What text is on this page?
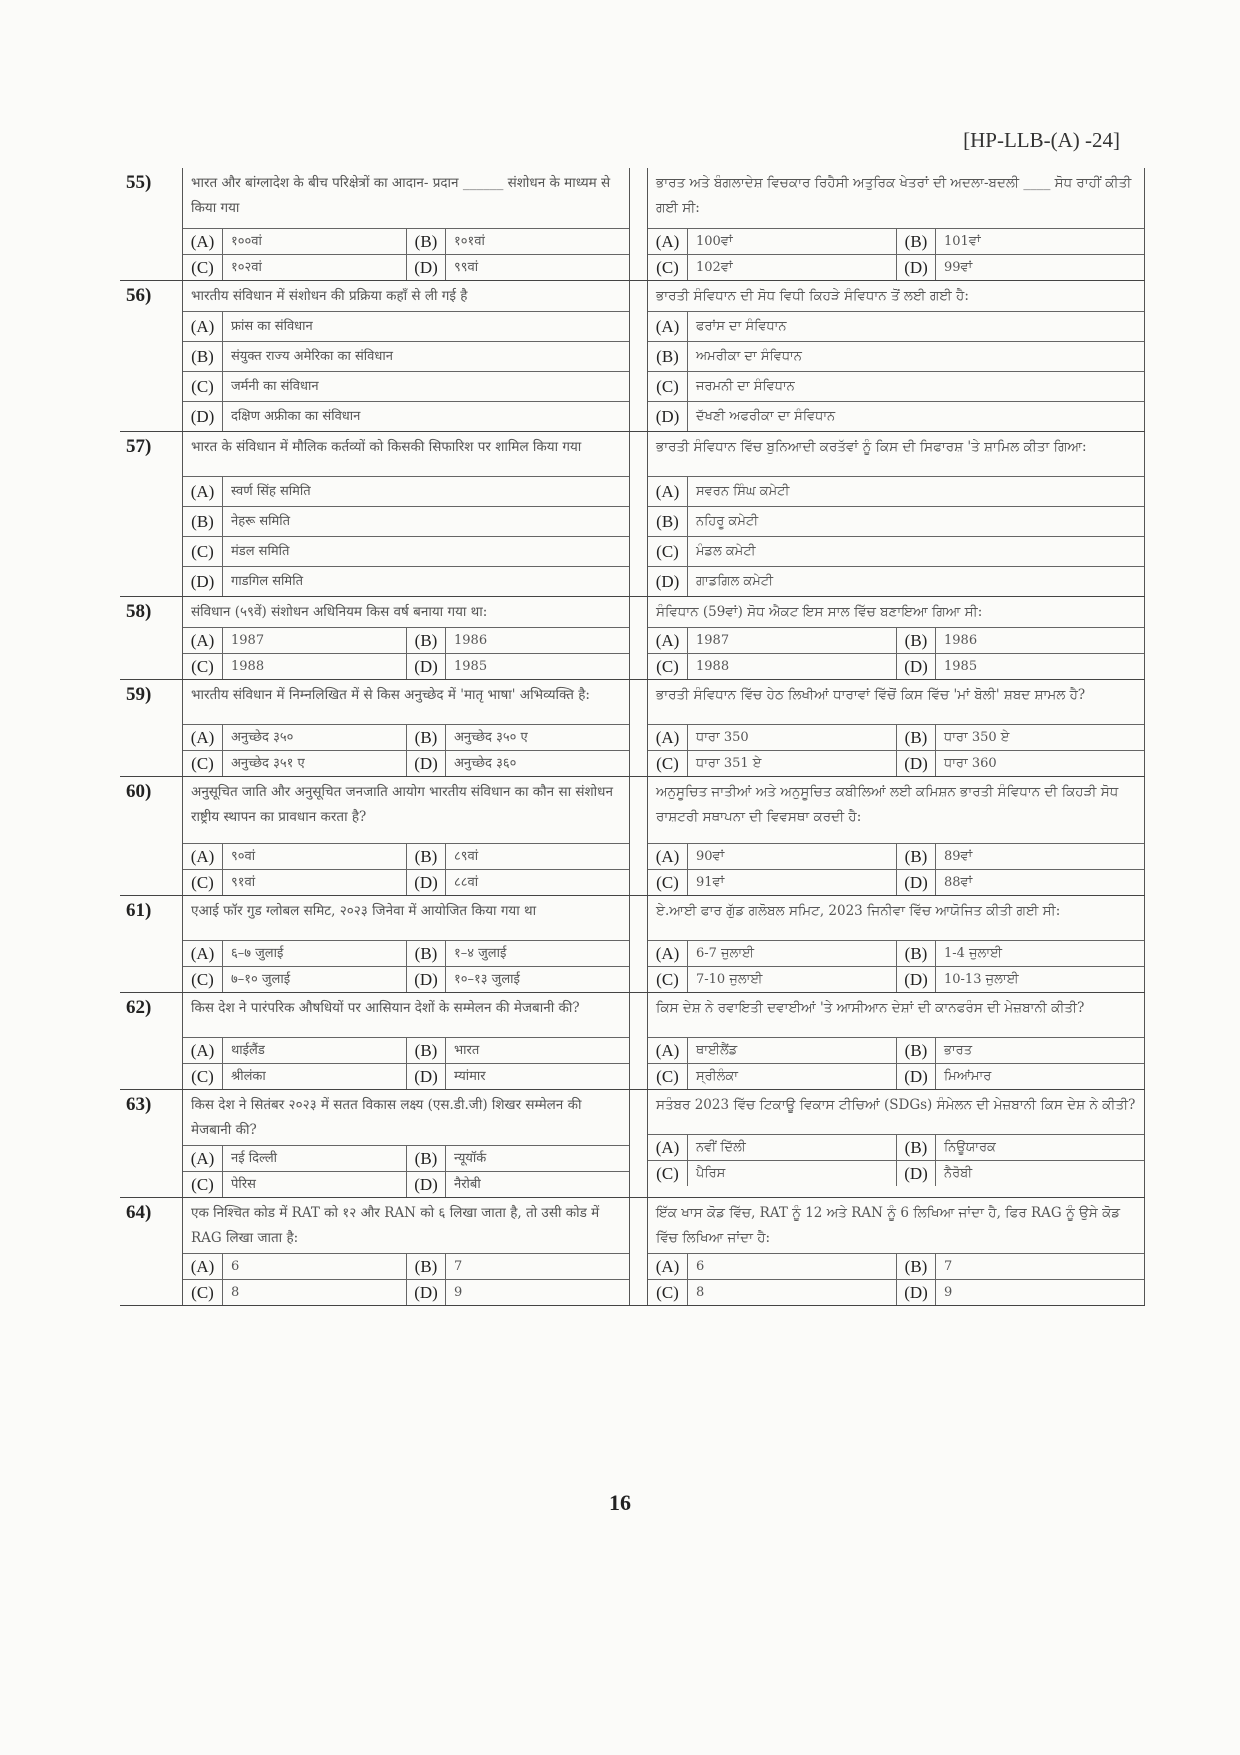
[HP-LLB-(A) -24]
55)	भारत और बांग्लादेश के बीच परिक्षेत्रों का आदान- प्रदान ______ संशोधन के माध्यम से किया गया
(A)	१००वां	(B)	१०१वां
(C)	१०२वां	(D)	९९वां
ਭਾਰਤ ਅਤੇ ਬੰਗਲਾਦੇਸ਼ ਵਿਚਕਾਰ ਰਿਹੈਸੀ ਅਤੁਰਿਕ ਖੇਤਰਾਂ ਦੀ ਅਦਲਾ-ਬਦਲੀ ____ ਸੋਧ ਰਾਹੀਂ ਕੀਤੀ ਗਈ ਸੀ:
(A)	100ਵਾਂ	(B)	101ਵਾਂ
(C)	102ਵਾਂ	(D)	99ਵਾਂ
56)	भारतीय संविधान में संशोधन की प्रक्रिया कहाँ से ली गई है
(A)	फ्रांस का संविधान
(B)	संयुक्त राज्य अमेरिका का संविधान
(C)	जर्मनी का संविधान
(D)	दक्षिण अफ्रीका का संविधान
ਭਾਰਤੀ ਸੰਵਿਧਾਨ ਦੀ ਸੋਧ ਵਿਧੀ ਕਿਹੜੇ ਸੰਵਿਧਾਨ ਤੋਂ ਲਈ ਗਈ ਹੈ:
(A)	ਫਰਾਂਸ ਦਾ ਸੰਵਿਧਾਨ
(B)	ਅਮਰੀਕਾ ਦਾ ਸੰਵਿਧਾਨ
(C)	ਜਰਮਨੀ ਦਾ ਸੰਵਿਧਾਨ
(D)	ਦੱਖਣੀ ਅਫਰੀਕਾ ਦਾ ਸੰਵਿਧਾਨ
57)	भारत के संविधान में मौलिक कर्तव्यों को किसकी सिफारिश पर शामिल किया गया
(A)	स्वर्ण सिंह समिति
(B)	नेहरू समिति
(C)	मंडल समिति
(D)	गाडगिल समिति
ਭਾਰਤੀ ਸੰਵਿਧਾਨ ਵਿੱਚ ਬੁਨਿਆਦੀ ਕਰਤੱਵਾਂ ਨੂੰ ਕਿਸ ਦੀ ਸਿਫਾਰਸ਼ 'ਤੇ ਸ਼ਾਮਿਲ ਕੀਤਾ ਗਿਆ:
(A)	ਸਵਰਨ ਸਿੰਘ ਕਮੇਟੀ
(B)	ਨਹਿਰੂ ਕਮੇਟੀ
(C)	ਮੰਡਲ ਕਮੇਟੀ
(D)	ਗਾਡਗਿਲ ਕਮੇਟੀ
58)	संविधान (५९वें) संशोधन अधिनियम किस वर्ष बनाया गया था:
(A)	1987	(B)	1986
(C)	1988	(D)	1985
ਸੰਵਿਧਾਨ (59ਵਾਂ) ਸੋਧ ਐਕਟ ਇਸ ਸਾਲ ਵਿੱਚ ਬਣਾਇਆ ਗਿਆ ਸੀ:
(A)	1987	(B)	1986
(C)	1988	(D)	1985
59)	भारतीय संविधान में निम्नलिखित में से किस अनुच्छेद में 'मातृ भाषा' अभिव्यक्ति है:
(A)	अनुच्छेद ३५०	(B)	अनुच्छेद ३५० ए
(C)	अनुच्छेद ३५१ ए	(D)	अनुच्छेद ३६०
ਭਾਰਤੀ ਸੰਵਿਧਾਨ ਵਿੱਚ ਹੇਠ ਲਿਖੀਆਂ ਧਾਰਾਵਾਂ ਵਿੱਚੋਂ ਕਿਸ ਵਿੱਚ 'ਮਾਂ ਬੋਲੀ' ਸ਼ਬਦ ਸ਼ਾਮਲ ਹੈ?
(A)	ਧਾਰਾ 350	(B)	ਧਾਰਾ 350 ਏ
(C)	ਧਾਰਾ 351 ਏ	(D)	ਧਾਰਾ 360
60)	अनुसूचित जाति और अनुसूचित जनजाति आयोग भारतीय संविधान का कौन सा संशोधन राष्ट्रीय स्थापन का प्रावधान करता है?
(A)	९०वां	(B)	८९वां
(C)	९१वां	(D)	८८वां
ਅਨੁਸੂਚਿਤ ਜਾਤੀਆਂ ਅਤੇ ਅਨੁਸੂਚਿਤ ਕਬੀਲਿਆਂ ਲਈ ਕਮਿਸ਼ਨ ਭਾਰਤੀ ਸੰਵਿਧਾਨ ਦੀ ਕਿਹੜੀ ਸੋਧ ਰਾਸ਼ਟਰੀ ਸਥਾਪਨਾ ਦੀ ਵਿਵਸਥਾ ਕਰਦੀ ਹੈ:
(A)	90ਵਾਂ	(B)	89ਵਾਂ
(C)	91ਵਾਂ	(D)	88ਵਾਂ
61)	एआई फॉर गुड ग्लोबल समिट, २०२३ जिनेवा में आयोजित किया गया था
(A)	६–७ जुलाई	(B)	१–४ जुलाई
(C)	७–१० जुलाई	(D)	१०–१३ जुलाई
ਏ.ਆਈ ਫਾਰ ਗੁੱਡ ਗਲੋਬਲ ਸਮਿਟ, 2023 ਜਿਨੀਵਾ ਵਿੱਚ ਆਯੋਜਿਤ ਕੀਤੀ ਗਈ ਸੀ:
(A)	6-7 ਜੁਲਾਈ	(B)	1-4 ਜੁਲਾਈ
(C)	7-10 ਜੁਲਾਈ	(D)	10-13 ਜੁਲਾਈ
62)	किस देश ने पारंपरिक औषधियों पर आसियान देशों के सम्मेलन की मेजबानी की?
(A)	थाईलैंड	(B)	भारत
(C)	श्रीलंका	(D)	म्यांमार
ਕਿਸ ਦੇਸ਼ ਨੇ ਰਵਾਇਤੀ ਦਵਾਈਆਂ 'ਤੇ ਆਸੀਆਨ ਦੇਸ਼ਾਂ ਦੀ ਕਾਨਫਰੰਸ ਦੀ ਮੇਜ਼ਬਾਨੀ ਕੀਤੀ?
(A)	ਥਾਈਲੈਂਡ	(B)	ਭਾਰਤ
(C)	ਸ੍ਰੀਲੰਕਾ	(D)	ਮਿਆਂਮਾਰ
63)	किस देश ने सितंबर २०२३ में सतत विकास लक्ष्य (एस.डी.जी) शिखर सम्मेलन की मेजबानी की?
(A)	नई दिल्ली	(B)	न्यूयॉर्क
(C)	पेरिस	(D)	नैरोबी
ਸਤੰਬਰ 2023 ਵਿੱਚ ਟਿਕਾਊ ਵਿਕਾਸ ਟੀਚਿਆਂ (SDGs) ਸੰਮੇਲਨ ਦੀ ਮੇਜ਼ਬਾਨੀ ਕਿਸ ਦੇਸ਼ ਨੇ ਕੀਤੀ?
(A)	ਨਵੀਂ ਦਿੱਲੀ	(B)	ਨਿਊਯਾਰਕ
(C)	ਪੈਰਿਸ	(D)	ਨੈਰੋਬੀ
64)	एक निश्चित कोड में RAT को १२ और RAN को ६ लिखा जाता है, तो उसी कोड में RAG लिखा जाता है:
(A)	6	(B)	7
(C)	8	(D)	9
ਇੱਕ ਖਾਸ ਕੋਡ ਵਿੱਚ, RAT ਨੂੰ 12 ਅਤੇ RAN ਨੂੰ 6 ਲਿਖਿਆ ਜਾਂਦਾ ਹੈ, ਫਿਰ RAG ਨੂੰ ਉਸੇ ਕੋਡ ਵਿੱਚ ਲਿਖਿਆ ਜਾਂਦਾ ਹੈ:
(A)	6	(B)	7
(C)	8	(D)	9
16
